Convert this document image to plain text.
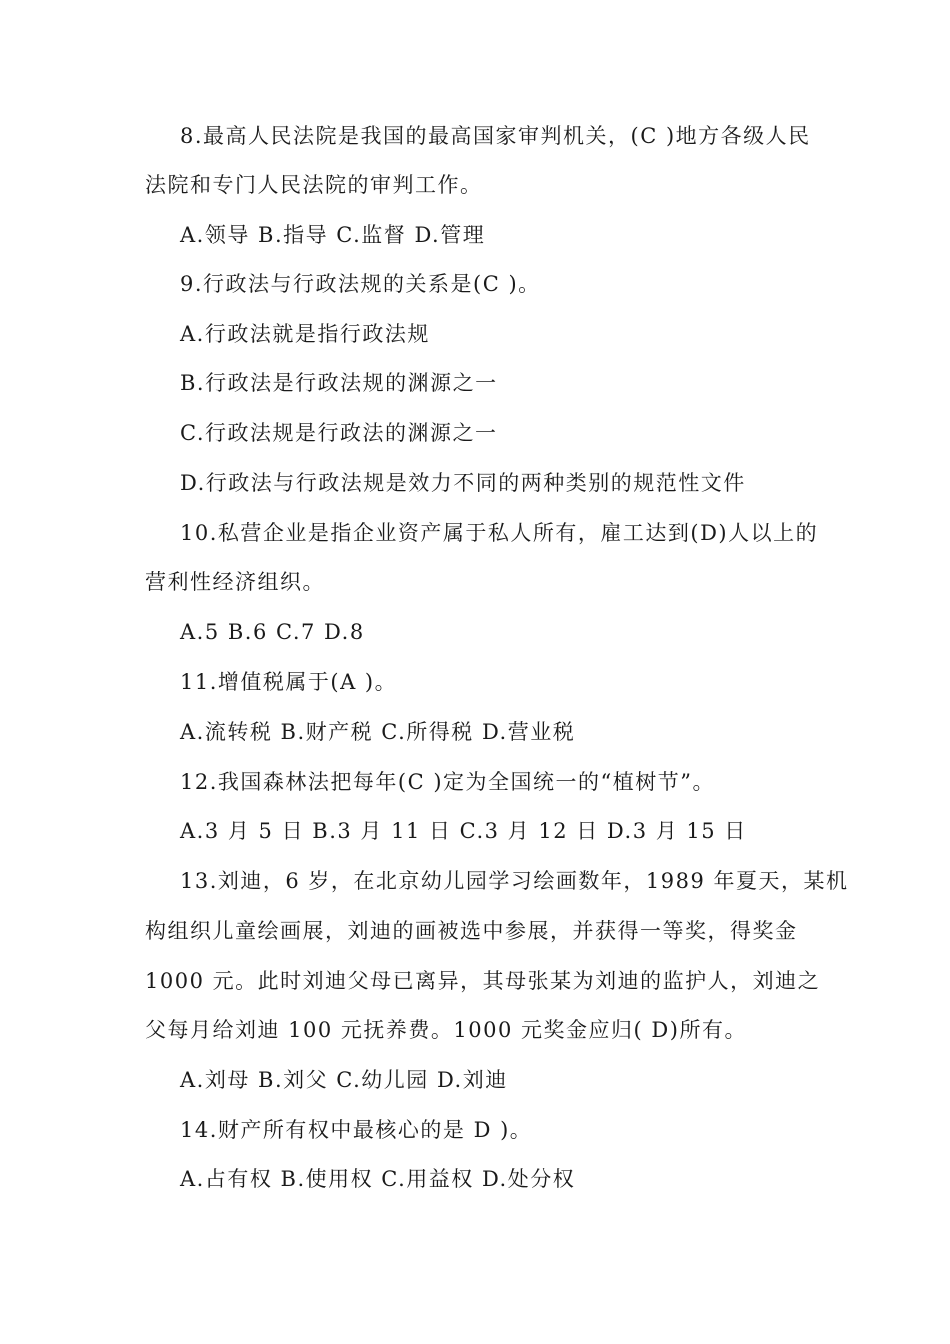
8.最高人民法院是我国的最高国家审判机关，(C )地方各级人民
法院和专门人民法院的审判工作。
A.领导 B.指导 C.监督 D.管理
9.行政法与行政法规的关系是(C )。
A.行政法就是指行政法规
B.行政法是行政法规的渊源之一
C.行政法规是行政法的渊源之一
D.行政法与行政法规是效力不同的两种类别的规范性文件
10.私营企业是指企业资产属于私人所有，雇工达到(D)人以上的
营利性经济组织。
A.5 B.6 C.7 D.8
11.增值税属于(A )。
A.流转税 B.财产税 C.所得税 D.营业税
12.我国森林法把每年(C )定为全国统一的“植树节”。
A.3 月 5 日 B.3 月 11 日 C.3 月 12 日 D.3 月 15 日
13.刘迪，6 岁，在北京幼儿园学习绘画数年，1989 年夏天，某机
构组织儿童绘画展，刘迪的画被选中参展，并获得一等奖，得奖金
1000 元。此时刘迪父母已离异，其母张某为刘迪的监护人，刘迪之
父每月给刘迪 100 元抚养费。1000 元奖金应归( D)所有。
A.刘母 B.刘父 C.幼儿园 D.刘迪
14.财产所有权中最核心的是 D )。
A.占有权 B.使用权 C.用益权 D.处分权
